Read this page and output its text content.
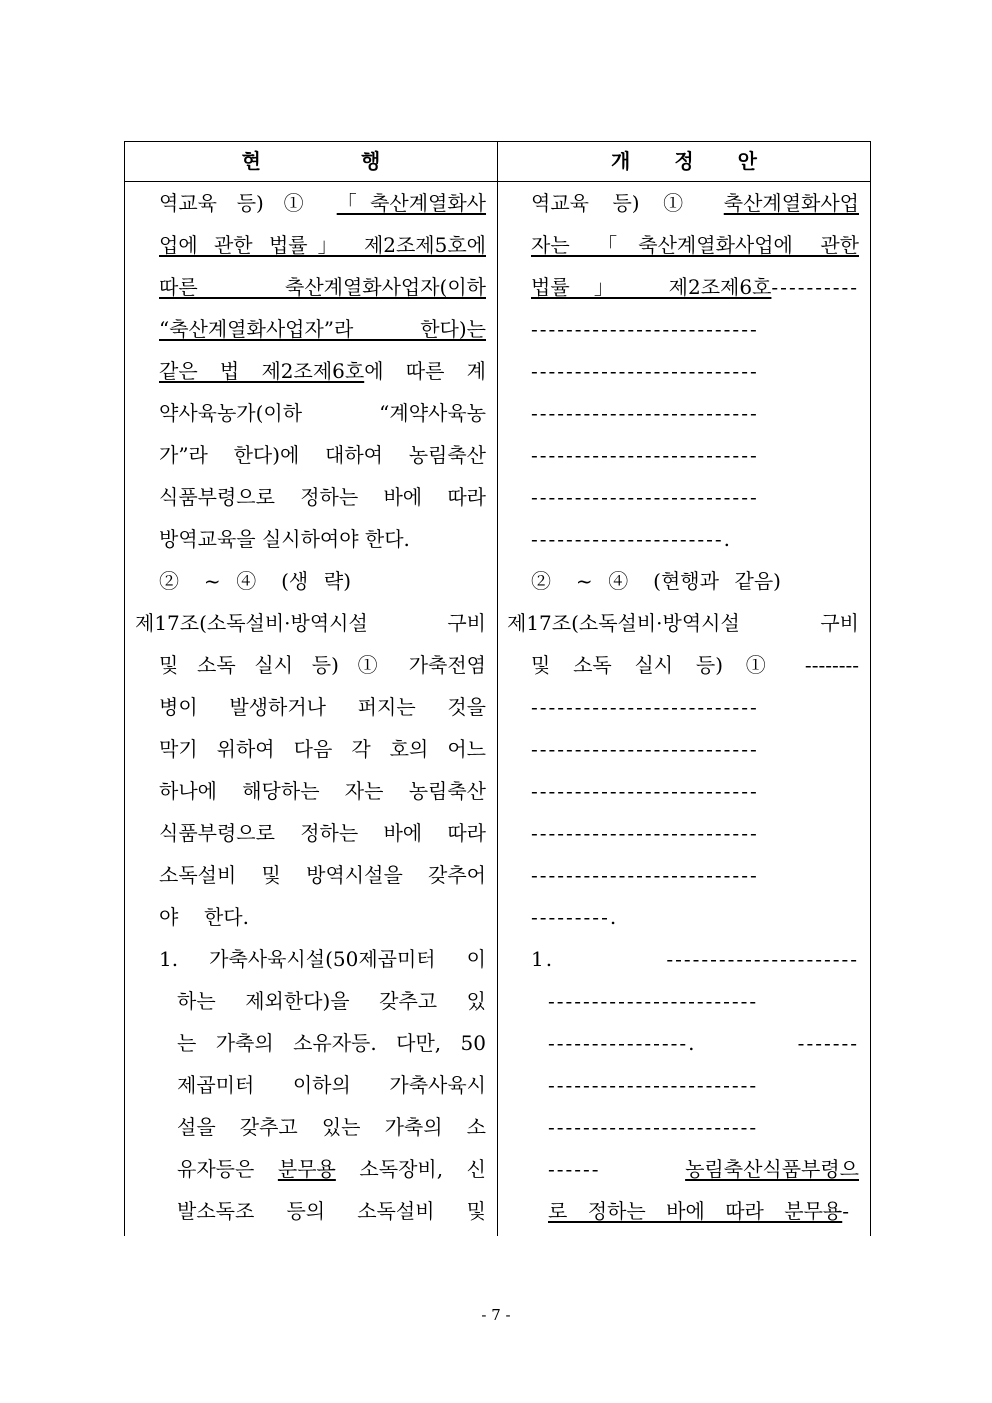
현	행	개 정 안
역교육 등) ① 「축산계열화사
업에 관한 법률」 제2조제5호에
따른 축산계열화사업자(이하
“축산계열화사업자”라 한다)는
같은 법 제2조제6호에 따른 계
약사육농가(이하 “계약사육농
가”라 한다)에 대하여 농림축산
식품부령으로 정하는 바에 따라
방역교육을 실시하여야 한다.
② ~ ④ (생 략)
제17조(소독설비·방역시설 구비
및 소독 실시 등) ① 가축전염
병이 발생하거나 퍼지는 것을
막기 위하여 다음 각 호의 어느
하나에 해당하는 자는 농림축산
식품부령으로 정하는 바에 따라
소독설비 및 방역시설을 갖추어
야 한다.
1. 가축사육시설(50제곱미터 이
하는 제외한다)을 갖추고 있
는 가축의 소유자등. 다만, 50
제곱미터 이하의 가축사육시
설을 갖추고 있는 가축의 소
유자등은 분무용 소독장비, 신
발소독조 등의 소독설비 및
역교육 등) ① 축산계열화사업
자는 「축산계열화사업에 관한
법률」 제2조제6호----------
--------------------------
--------------------------
--------------------------
--------------------------
--------------------------
----------------------.
② ~ ④ (현행과 같음)
제17조(소독설비·방역시설 구비
및 소독 실시 등) ① --------
--------------------------
--------------------------
--------------------------
--------------------------
--------------------------
---------.
1. ----------------------
------------------------
----------------. -------
------------------------
------------------------
------ 농림축산식품부령으
로 정하는 바에 따라 분무용-
- 7 -
